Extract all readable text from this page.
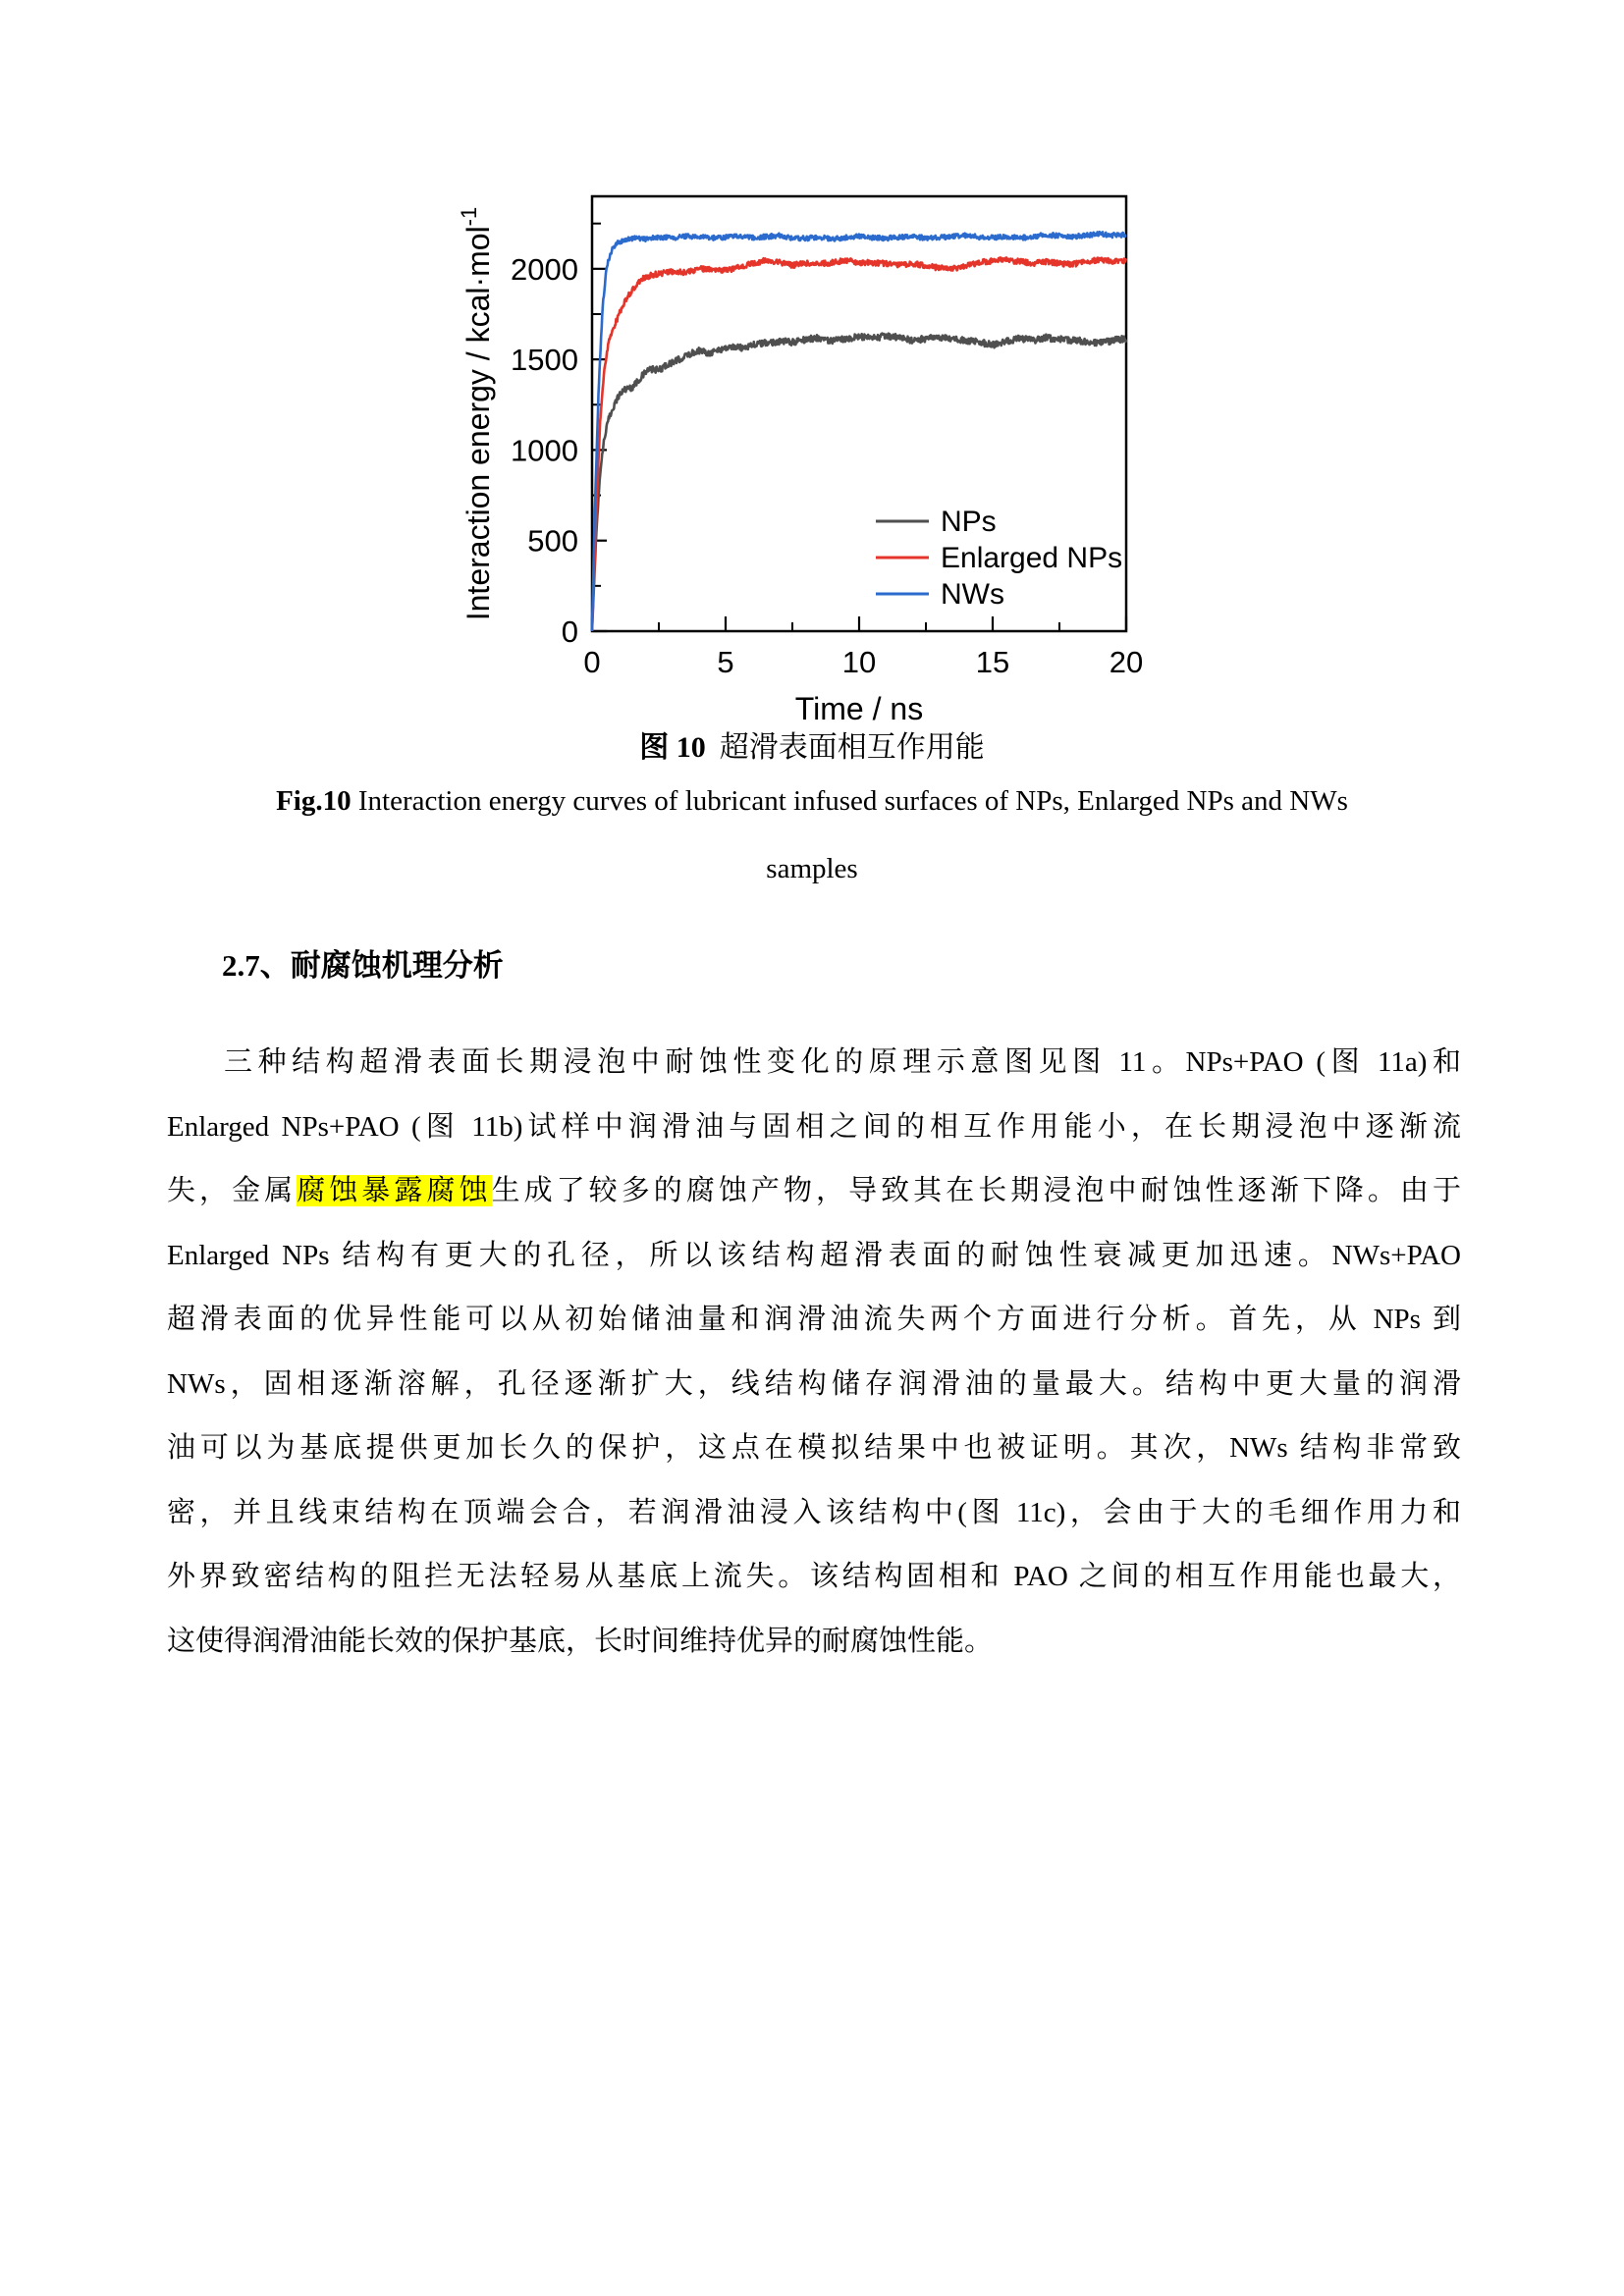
0
500
1000
1500
2000
0	5	10	15	20
Time / ns
Interaction energy / kcal·mol$^{-1}$
NPs
Enlarged NPs
NWs
图 10 超滑表面相互作用能
Fig.10 Interaction energy curves of lubricant infused surfaces of NPs, Enlarged NPs and NWs
samples
2.7、耐腐蚀机理分析
三种结构超滑表面长期浸泡中耐蚀性变化的原理示意图见图 11。NPs+PAO (图 11a)和
Enlarged NPs+PAO (图 11b)试样中润滑油与固相之间的相互作用能小，在长期浸泡中逐渐流
失，金属腐蚀暴露腐蚀生成了较多的腐蚀产物，导致其在长期浸泡中耐蚀性逐渐下降。由于
Enlarged NPs 结构有更大的孔径，所以该结构超滑表面的耐蚀性衰减更加迅速。NWs+PAO
超滑表面的优异性能可以从初始储油量和润滑油流失两个方面进行分析。首先，从 NPs 到
NWs，固相逐渐溶解，孔径逐渐扩大，线结构储存润滑油的量最大。结构中更大量的润滑
油可以为基底提供更加长久的保护，这点在模拟结果中也被证明。其次，NWs 结构非常致
密，并且线束结构在顶端会合，若润滑油浸入该结构中(图 11c)，会由于大的毛细作用力和
外界致密结构的阻拦无法轻易从基底上流失。该结构固相和 PAO 之间的相互作用能也最大，
这使得润滑油能长效的保护基底，长时间维持优异的耐腐蚀性能。
